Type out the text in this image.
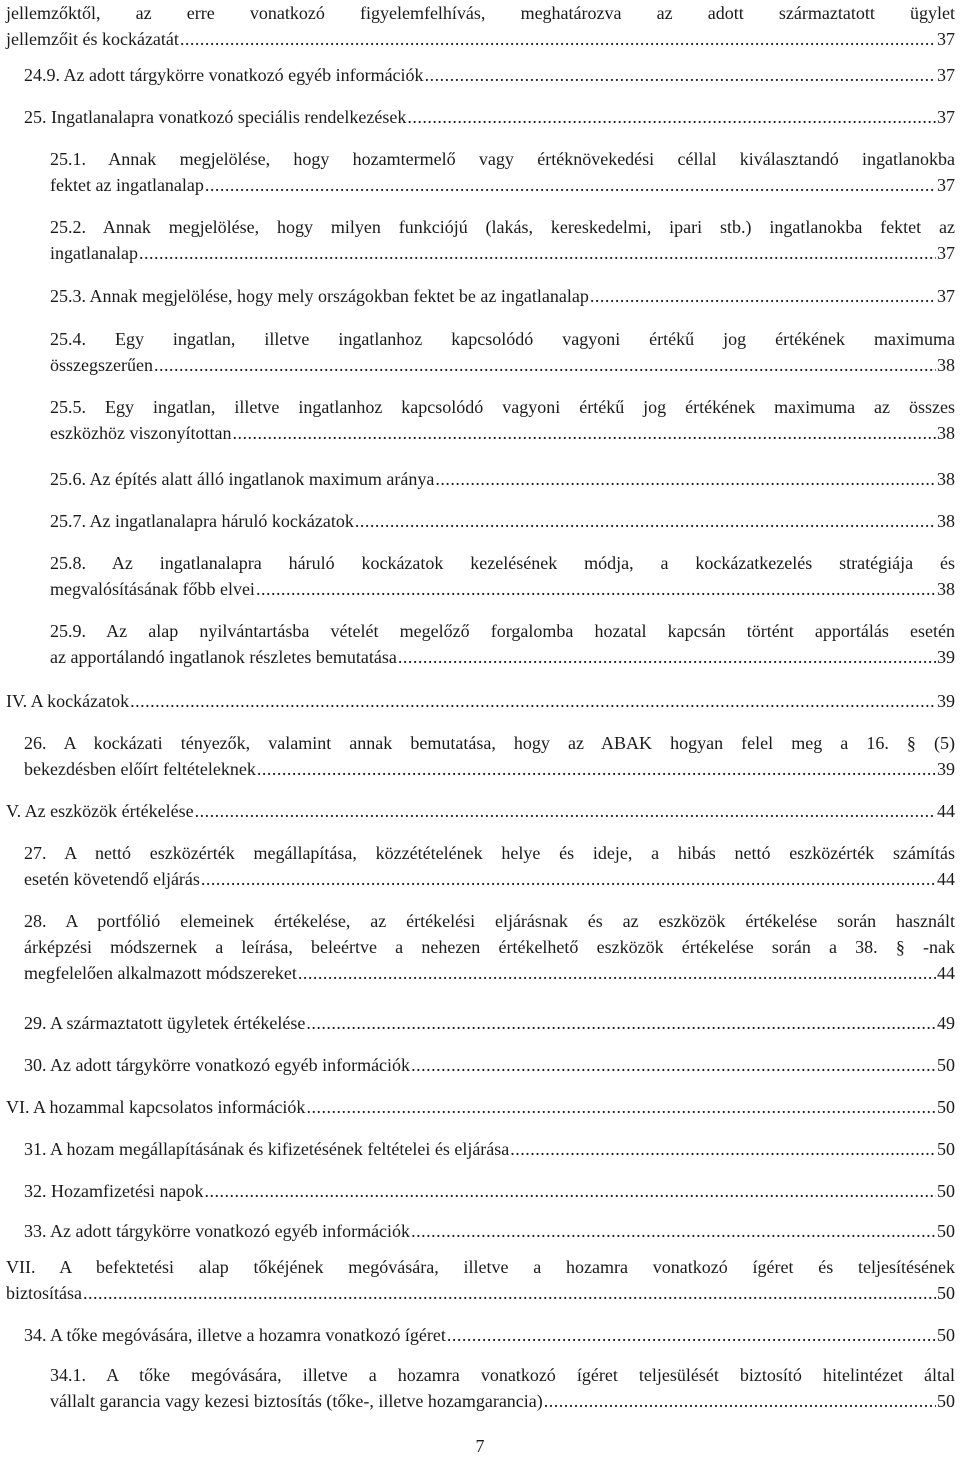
jellemzőktől, az erre vonatkozó figyelemfelhívás, meghatározva az adott származtatott ügylet
jellemzőit és kockázatát .....	37
24.9. Az adott tárgykörre vonatkozó egyéb információk .....	37
25. Ingatlanalapra vonatkozó speciális rendelkezések .....	37
25.1. Annak megjelölése, hogy hozamtermelő vagy értéknövekedési céllal kiválasztandó ingatlanokba
fektet az ingatlanalap .....	37
25.2. Annak megjelölése, hogy milyen funkciójú (lakás, kereskedelmi, ipari stb.) ingatlanokba fektet az
ingatlanalap .....	37
25.3. Annak megjelölése, hogy mely országokban fektet be az ingatlanalap .....	37
25.4. Egy ingatlan, illetve ingatlanhoz kapcsolódó vagyoni értékű jog értékének maximuma
összegszerűen .....	38
25.5. Egy ingatlan, illetve ingatlanhoz kapcsolódó vagyoni értékű jog értékének maximuma az összes
eszközhöz viszonyítottan .....	38
25.6. Az építés alatt álló ingatlanok maximum aránya .....	38
25.7. Az ingatlanalapra háruló kockázatok .....	38
25.8. Az ingatlanalapra háruló kockázatok kezelésének módja, a kockázatkezelés stratégiája és
megvalósításának főbb elvei .....	38
25.9. Az alap nyilvántartásba vételét megelőző forgalomba hozatal kapcsán történt apportálás esetén
az apportálandó ingatlanok részletes bemutatása .....	39
IV. A kockázatok .....	39
26. A kockázati tényezők, valamint annak bemutatása, hogy az ABAK hogyan felel meg a 16. § (5)
bekezdésben előírt feltételeknek .....	39
V. Az eszközök értékelése .....	44
27. A nettó eszközérték megállapítása, közzétételének helye és ideje, a hibás nettó eszközérték számítás
esetén követendő eljárás .....	44
28. A portfólió elemeinek értékelése, az értékelési eljárásnak és az eszközök értékelése során használt
árképzési módszernek a leírása, beleértve a nehezen értékelhető eszközök értékelése során a 38. § -nak
megfelelően alkalmazott módszereket .....	44
29. A származtatott ügyletek értékelése .....	49
30. Az adott tárgykörre vonatkozó egyéb információk .....	50
VI. A hozammal kapcsolatos információk .....	50
31. A hozam megállapításának és kifizetésének feltételei és eljárása .....	50
32. Hozamfizetési napok .....	50
33. Az adott tárgykörre vonatkozó egyéb információk .....	50
VII. A befektetési alap tőkéjének megóvására, illetve a hozamra vonatkozó ígéret és teljesítésének
biztosítása .....	50
34. A tőke megóvására, illetve a hozamra vonatkozó ígéret .....	50
34.1. A tőke megóvására, illetve a hozamra vonatkozó ígéret teljesülését biztosító hitelintézet által
vállalt garancia vagy kezesi biztosítás (tőke-, illetve hozamgarancia) .....	50
7
